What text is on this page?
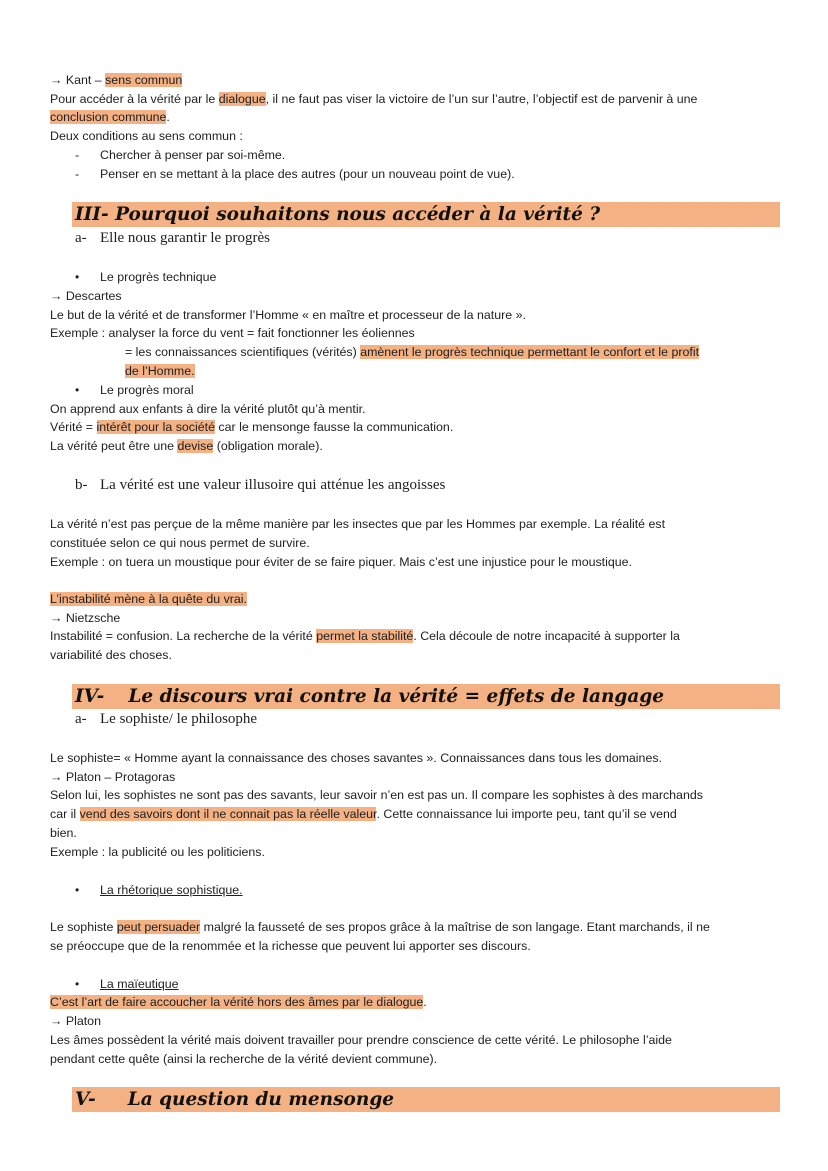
→ Kant – sens commun
Pour accéder à la vérité par le dialogue, il ne faut pas viser la victoire de l’un sur l’autre, l’objectif est de parvenir à une
conclusion commune.
Deux conditions au sens commun :
- Chercher à penser par soi-même.
- Penser en se mettant à la place des autres (pour un nouveau point de vue).
III- Pourquoi souhaitons nous accéder à la vérité ?
a- Elle nous garantir le progrès
• Le progrès technique
→ Descartes
Le but de la vérité et de transformer l’Homme « en maître et processeur de la nature ».
Exemple : analyser la force du vent = fait fonctionner les éoliennes
= les connaissances scientifiques (vérités) amènent le progrès technique permettant le confort et le profit
de l’Homme.
• Le progrès moral
On apprend aux enfants à dire la vérité plutôt qu’à mentir.
Vérité = intérêt pour la société car le mensonge fausse la communication.
La vérité peut être une devise (obligation morale).
b- La vérité est une valeur illusoire qui atténue les angoisses
La vérité n’est pas perçue de la même manière par les insectes que par les Hommes par exemple. La réalité est
constituée selon ce qui nous permet de survire.
Exemple : on tuera un moustique pour éviter de se faire piquer. Mais c’est une injustice pour le moustique.
L’instabilité mène à la quête du vrai.
→ Nietzsche
Instabilité = confusion. La recherche de la vérité permet la stabilité. Cela découle de notre incapacité à supporter la
variabilité des choses.
IV- Le discours vrai contre la vérité = effets de langage
a- Le sophiste/ le philosophe
Le sophiste= « Homme ayant la connaissance des choses savantes ». Connaissances dans tous les domaines.
→ Platon – Protagoras
Selon lui, les sophistes ne sont pas des savants, leur savoir n’en est pas un. Il compare les sophistes à des marchands
car il vend des savoirs dont il ne connait pas la réelle valeur. Cette connaissance lui importe peu, tant qu’il se vend
bien.
Exemple : la publicité ou les politiciens.
• La rhétorique sophistique.
Le sophiste peut persuader malgré la fausseté de ses propos grâce à la maîtrise de son langage. Etant marchands, il ne
se préoccupe que de la renommée et la richesse que peuvent lui apporter ses discours.
• La maïeutique
C’est l’art de faire accoucher la vérité hors des âmes par le dialogue.
→ Platon
Les âmes possèdent la vérité mais doivent travailler pour prendre conscience de cette vérité. Le philosophe l’aide
pendant cette quête (ainsi la recherche de la vérité devient commune).
V- La question du mensonge
